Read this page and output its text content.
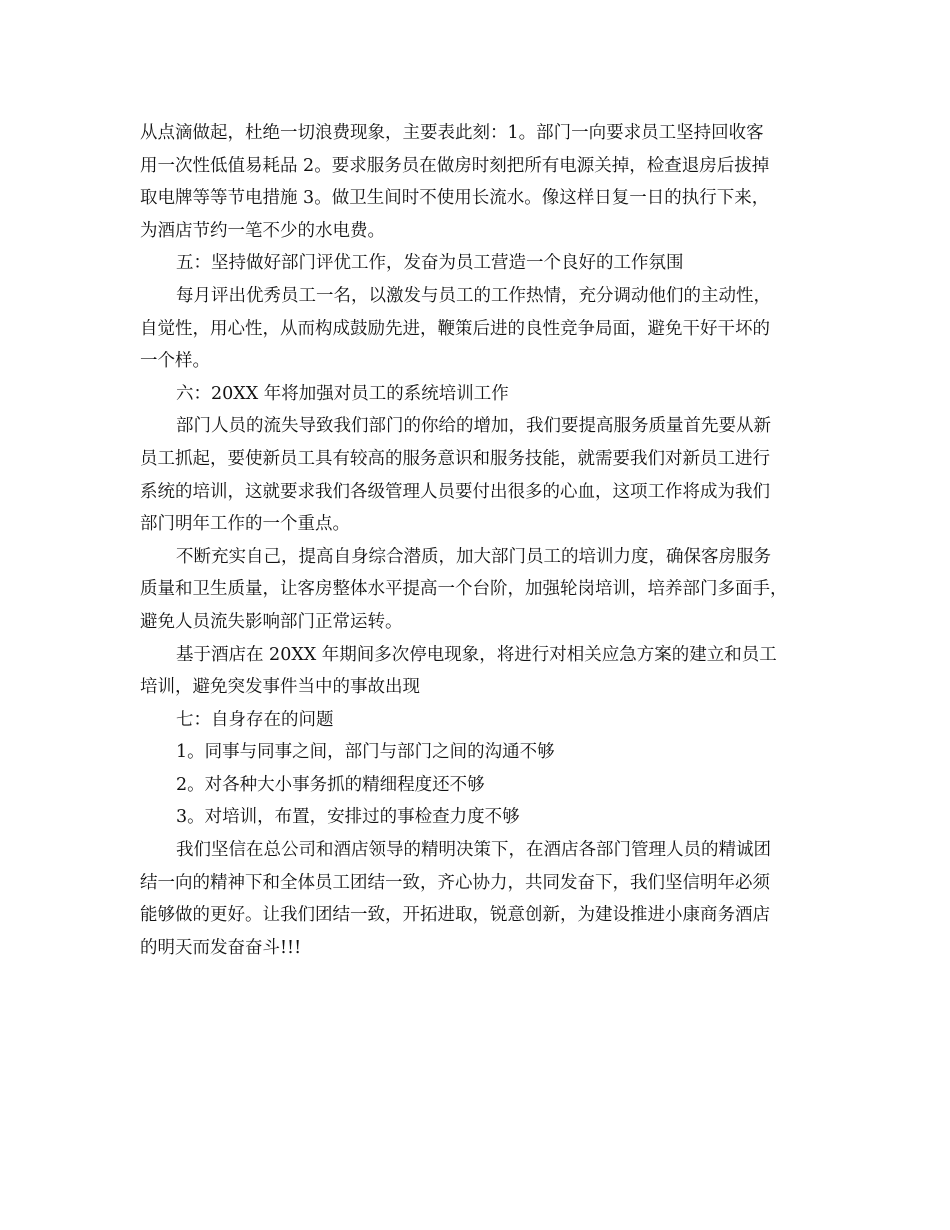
从点滴做起，杜绝一切浪费现象，主要表此刻：1。部门一向要求员工坚持回收客
用一次性低值易耗品 2。要求服务员在做房时刻把所有电源关掉，检查退房后拔掉
取电牌等等节电措施 3。做卫生间时不使用长流水。像这样日复一日的执行下来，
为酒店节约一笔不少的水电费。
五：坚持做好部门评优工作，发奋为员工营造一个良好的工作氛围
每月评出优秀员工一名，以激发与员工的工作热情，充分调动他们的主动性，
自觉性，用心性，从而构成鼓励先进，鞭策后进的良性竞争局面，避免干好干坏的
一个样。
六：20XX 年将加强对员工的系统培训工作
部门人员的流失导致我们部门的你给的增加，我们要提高服务质量首先要从新
员工抓起，要使新员工具有较高的服务意识和服务技能，就需要我们对新员工进行
系统的培训，这就要求我们各级管理人员要付出很多的心血，这项工作将成为我们
部门明年工作的一个重点。
不断充实自己，提高自身综合潜质，加大部门员工的培训力度，确保客房服务
质量和卫生质量，让客房整体水平提高一个台阶，加强轮岗培训，培养部门多面手，
避免人员流失影响部门正常运转。
基于酒店在 20XX 年期间多次停电现象，将进行对相关应急方案的建立和员工
培训，避免突发事件当中的事故出现
七：自身存在的问题
1。同事与同事之间，部门与部门之间的沟通不够
2。对各种大小事务抓的精细程度还不够
3。对培训，布置，安排过的事检查力度不够
我们坚信在总公司和酒店领导的精明决策下，在酒店各部门管理人员的精诚团
结一向的精神下和全体员工团结一致，齐心协力，共同发奋下，我们坚信明年必须
能够做的更好。让我们团结一致，开拓进取，锐意创新，为建设推进小康商务酒店
的明天而发奋奋斗!!!
